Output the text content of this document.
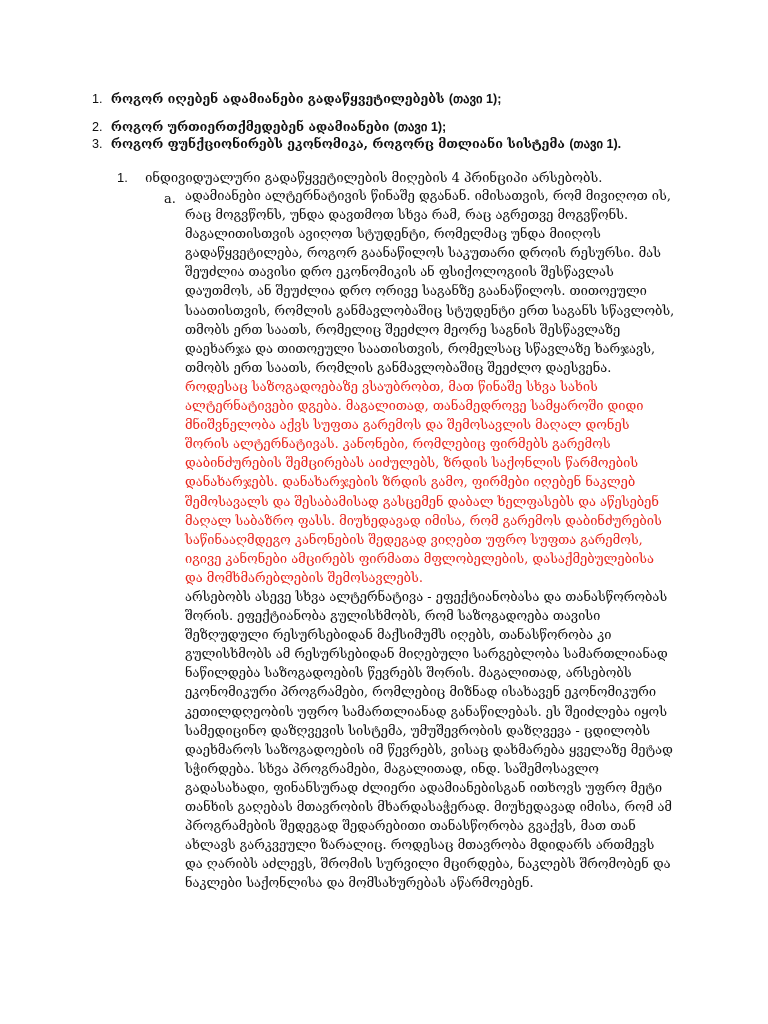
1. როგორ იღებენ ადამიანები გადაწყვეტილებებს (თავი 1);
2. როგორ ურთიერთქმედებენ ადამიანები (თავი 1);
3. როგორ ფუნქციონირებს ეკონომიკა, როგორც მთლიანი სისტემა (თავი 1).
1. ინდივიდუალური გადაწყვეტილების მიღების 4 პრინციპი არსებობს.
a. ადამიანები ალტერნატივის წინაშე დგანან. იმისათვის, რომ მივიღოთ ის,
რაც მოგვწონს, უნდა დავთმოთ სხვა რამ, რაც აგრეთვე მოგვწონს.
მაგალითისთვის ავიღოთ სტუდენტი, რომელმაც უნდა მიიღოს
გადაწყვეტილება, როგორ გაანაწილოს საკუთარი დროის რესურსი. მას
შეუძლია თავისი დრო ეკონომიკის ან ფსიქოლოგიის შესწავლას
დაუთმოს, ან შეუძლია დრო ორივე საგანზე გაანაწილოს. თითოეული
საათისთვის, რომლის განმავლობაშიც სტუდენტი ერთ საგანს სწავლობს,
თმობს ერთ საათს, რომელიც შეეძლო მეორე საგნის შესწავლაზე
დაეხარჯა და თითოეული საათისთვის, რომელსაც სწავლაზე ხარჯავს,
თმობს ერთ საათს, რომლის განმავლობაშიც შეეძლო დაესვენა.
როდესაც საზოგადოებაზე ვსაუბრობთ, მათ წინაშე სხვა სახის
ალტერნატივები დგება. მაგალითად, თანამედროვე სამყაროში დიდი
მნიშვნელობა აქვს სუფთა გარემოს და შემოსავლის მაღალ დონეს
შორის ალტერნატივას. კანონები, რომლებიც ფირმებს გარემოს
დაბინძურების შემცირებას აიძულებს, ზრდის საქონლის წარმოების
დანახარჯებს. დანახარჯების ზრდის გამო, ფირმები იღებენ ნაკლებ
შემოსავალს და შესაბამისად გასცემენ დაბალ ხელფასებს და აწესებენ
მაღალ საბაზრო ფასს. მიუხედავად იმისა, რომ გარემოს დაბინძურების
საწინააღმდეგო კანონების შედეგად ვიღებთ უფრო სუფთა გარემოს,
იგივე კანონები ამცირებს ფირმათა მფლობელების, დასაქმებულებისა
და მომხმარებლების შემოსავლებს.
არსებობს ასევე სხვა ალტერნატივა - ეფექტიანობასა და თანასწორობას
შორის. ეფექტიანობა გულისხმობს, რომ საზოგადოება თავისი
შეზღუდული რესურსებიდან მაქსიმუმს იღებს, თანასწორობა კი
გულისხმობს ამ რესურსებიდან მიღებული სარგებლობა სამართლიანად
ნაწილდება საზოგადოების წევრებს შორის. მაგალითად, არსებობს
ეკონომიკური პროგრამები, რომლებიც მიზნად ისახავენ ეკონომიკური
კეთილდღეობის უფრო სამართლიანად განაწილებას. ეს შეიძლება იყოს
სამედიცინო დაზღვევის სისტემა, უმუშევრობის დაზღვევა - ცდილობს
დაეხმაროს საზოგადოების იმ წევრებს, ვისაც დახმარება ყველაზე მეტად
სჭირდება. სხვა პროგრამები, მაგალითად, ინდ. საშემოსავლო
გადასახადი, ფინანსურად ძლიერი ადამიანებისგან ითხოვს უფრო მეტი
თანხის გაღებას მთავრობის მხარდასაჭერად. მიუხედავად იმისა, რომ ამ
პროგრამების შედეგად შედარებითი თანასწორობა გვაქვს, მათ თან
ახლავს გარკვეული ზარალიც. როდესაც მთავრობა მდიდარს ართმევს
და ღარიბს აძლევს, შრომის სურვილი მცირდება, ნაკლებს შრომობენ და
ნაკლები საქონლისა და მომსახურებას აწარმოებენ.
